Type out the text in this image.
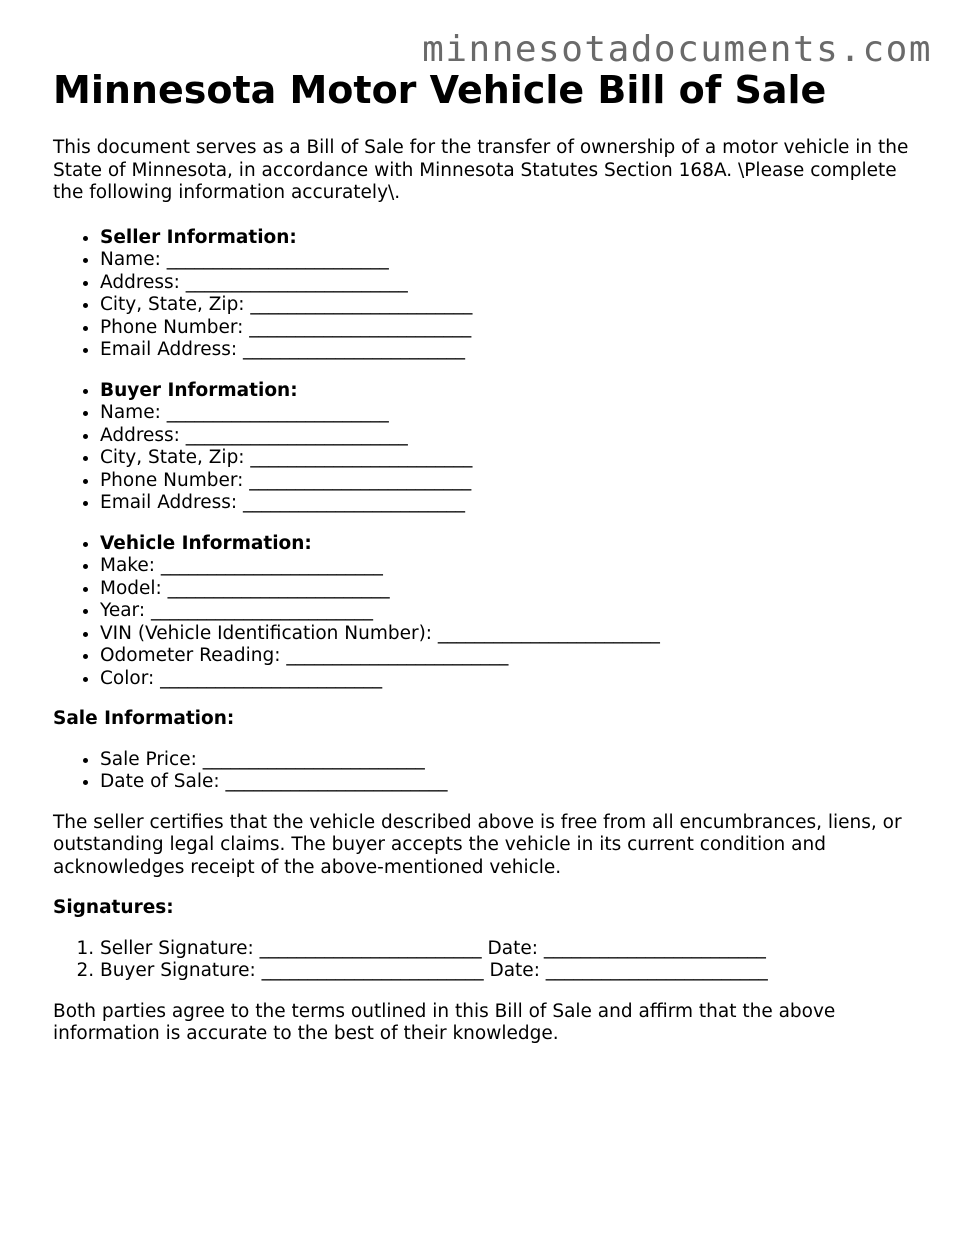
minnesotadocuments.com
Minnesota Motor Vehicle Bill of Sale

This document serves as a Bill of Sale for the transfer of ownership of a motor vehicle in the State of Minnesota, in accordance with Minnesota Statutes Section 168A. \Please complete the following information accurately\.

• Seller Information:
• Name: ________________________
• Address: ________________________
• City, State, Zip: ________________________
• Phone Number: ________________________
• Email Address: ________________________
• Buyer Information:
• Name: ________________________
• Address: ________________________
• City, State, Zip: ________________________
• Phone Number: ________________________
• Email Address: ________________________
• Vehicle Information:
• Make: ________________________
• Model: ________________________
• Year: ________________________
• VIN (Vehicle Identification Number): ________________________
• Odometer Reading: ________________________
• Color: ________________________

Sale Information:

• Sale Price: ________________________
• Date of Sale: ________________________

The seller certifies that the vehicle described above is free from all encumbrances, liens, or outstanding legal claims. The buyer accepts the vehicle in its current condition and acknowledges receipt of the above-mentioned vehicle.

Signatures:

1. Seller Signature: ________________________ Date: ________________________
2. Buyer Signature: ________________________ Date: ________________________

Both parties agree to the terms outlined in this Bill of Sale and affirm that the above information is accurate to the best of their knowledge.
